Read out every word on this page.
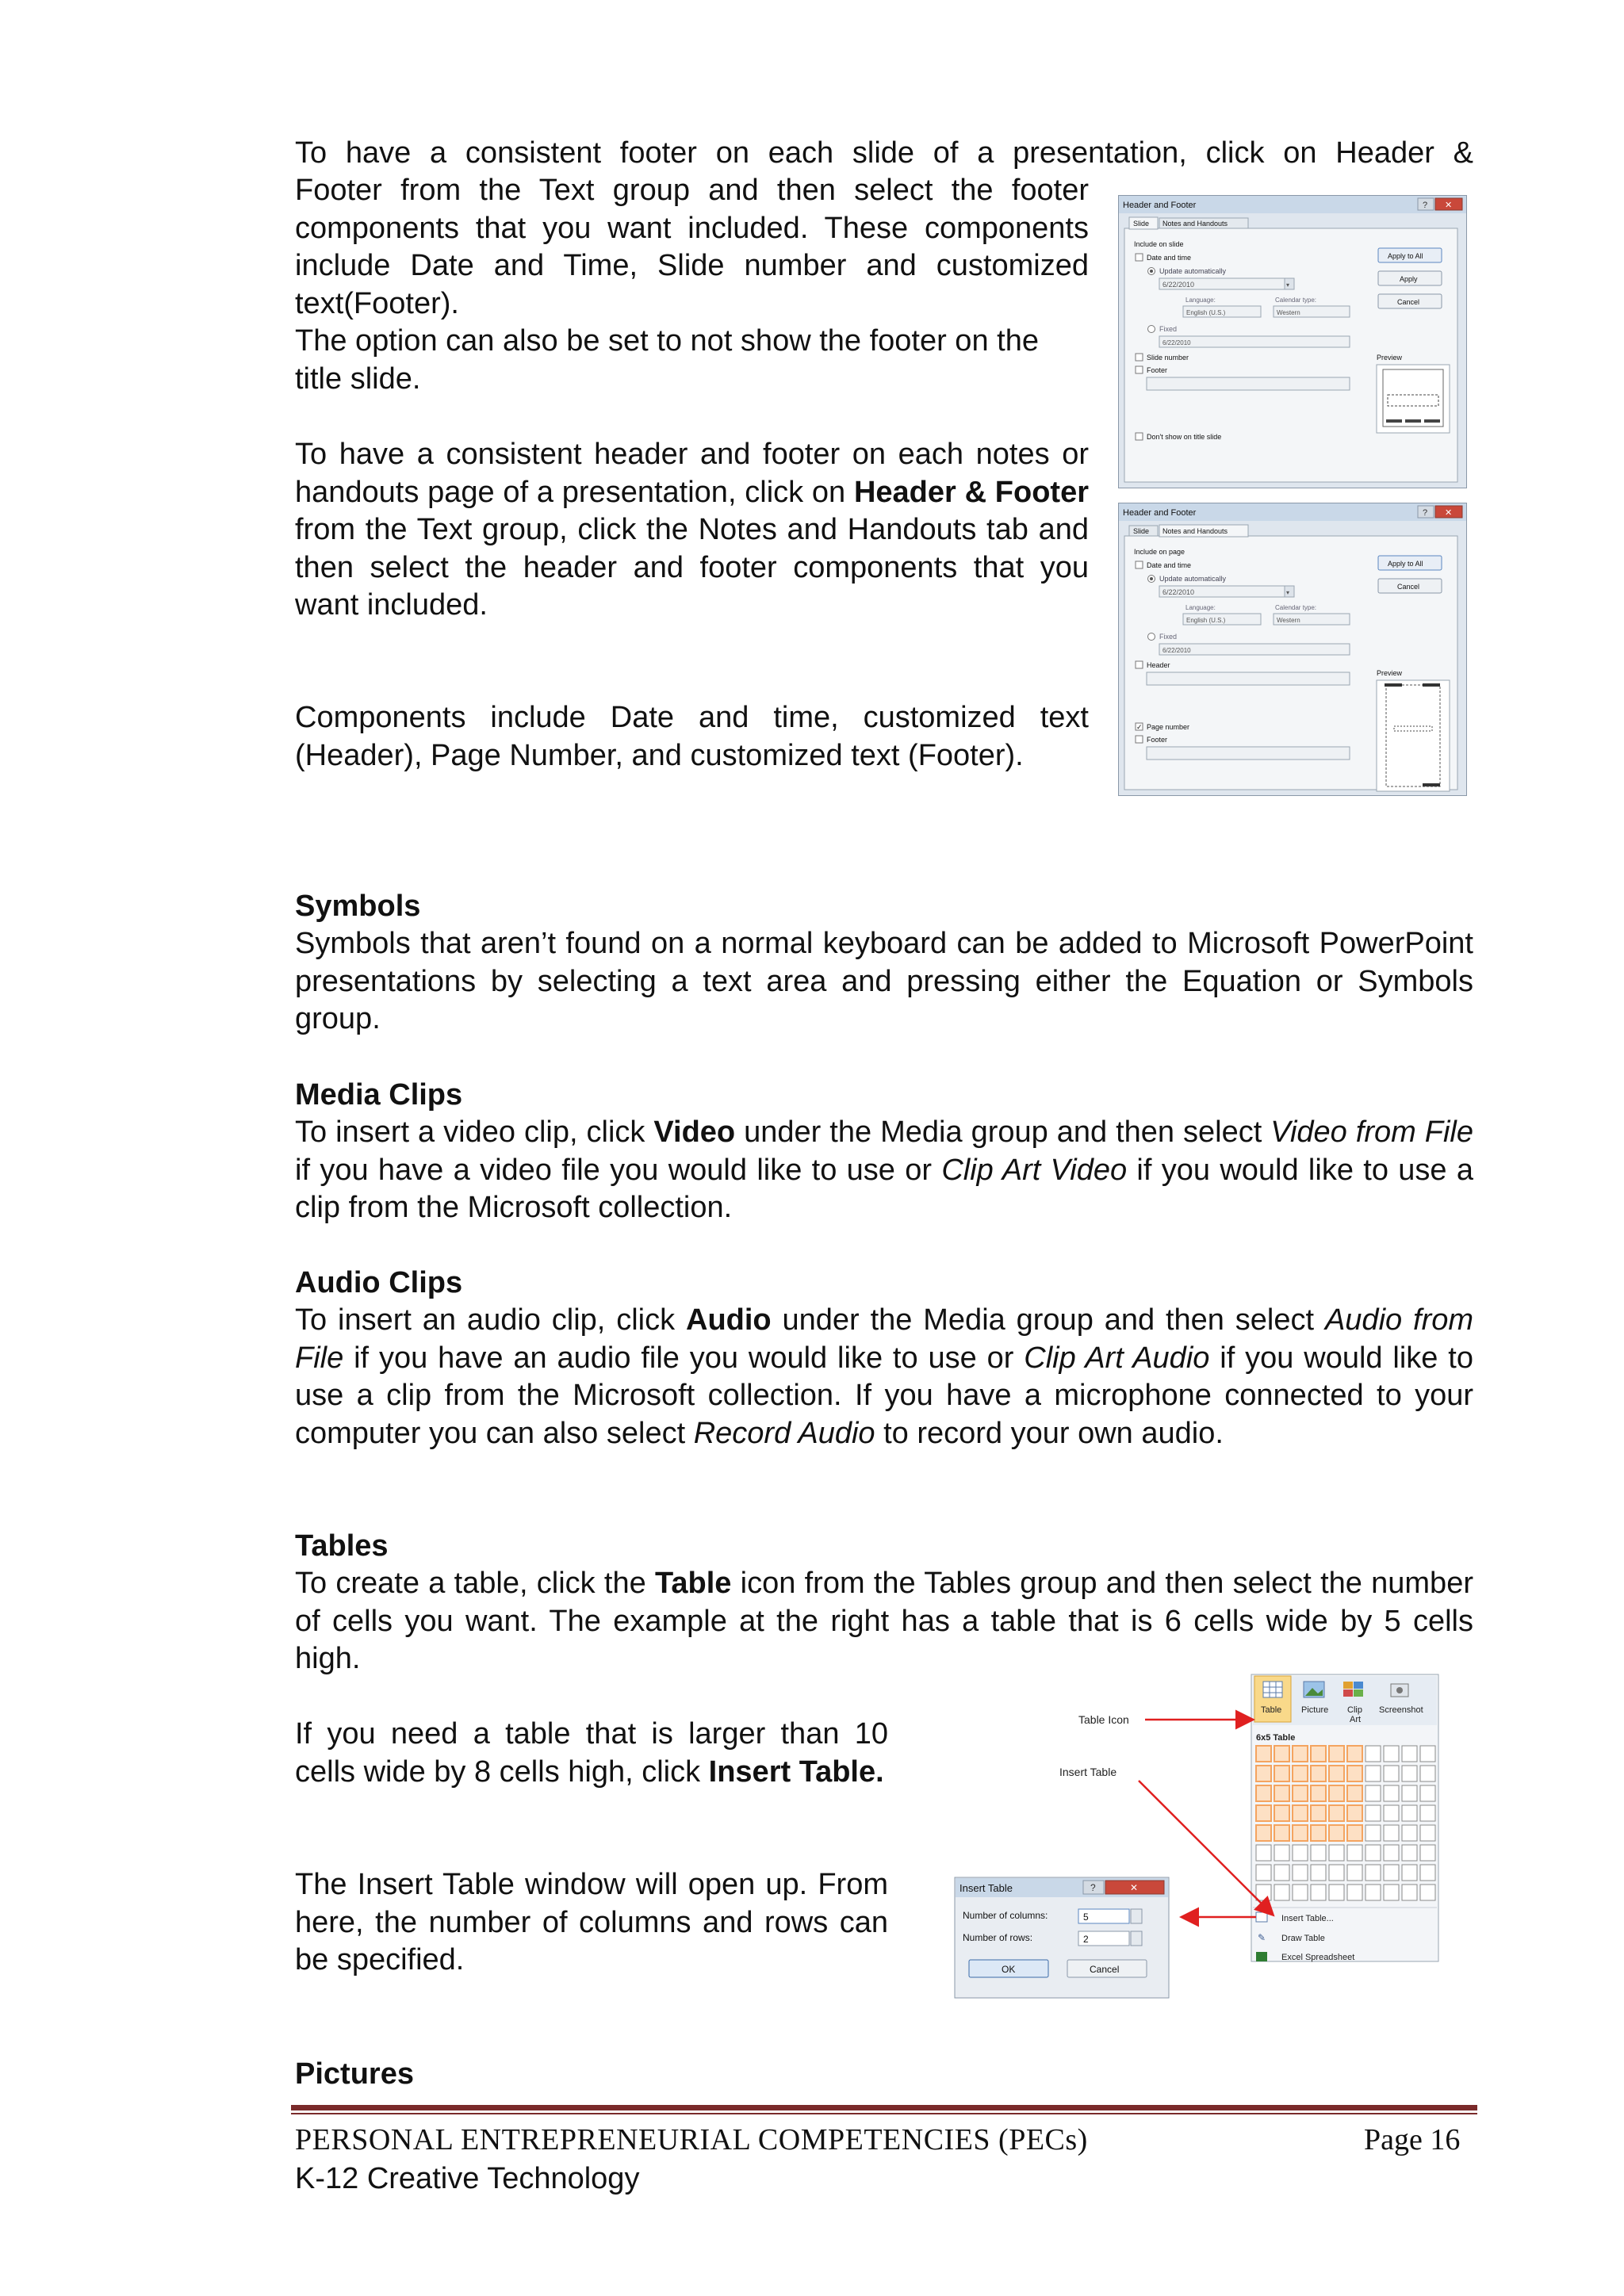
To have a consistent footer on each slide of a presentation, click on Header &

Footer from the Text group and then select the footer components that you want included. These components include Date and Time, Slide number and customized text(Footer).

The option can also be set to not show the footer on the title slide.

To have a consistent header and footer on each notes or handouts page of a presentation, click on Header & Footer from the Text group, click the Notes and Handouts tab and then select the header and footer components that you want included.

Components include Date and time, customized text (Header), Page Number, and customized text (Footer).

Header and Footer	? ✕
Slide Notes and Handouts
Include on slide
Date and time
Update automatically
6/22/2010	▾
Language:	Calendar type:
English (U.S.)	Western
Fixed
6/22/2010
Slide number
Footer
Don't show on title slide
Apply to All
Apply
Cancel
Preview
Header and Footer	? ✕
Slide Notes and Handouts
Include on page
Date and time
Update automatically
6/22/2010	▾
Language:	Calendar type:
English (U.S.)	Western
Fixed
6/22/2010
Header
✓ Page number
Footer
Apply to All
Cancel
Preview

Symbols

Symbols that aren’t found on a normal keyboard can be added to Microsoft PowerPoint presentations by selecting a text area and pressing either the Equation or Symbols group.

Media Clips

To insert a video clip, click Video under the Media group and then select Video from File if you have a video file you would like to use or Clip Art Video if you would like to use a clip from the Microsoft collection.

Audio Clips

To insert an audio clip, click Audio under the Media group and then select Audio from File if you have an audio file you would like to use or Clip Art Audio if you would like to use a clip from the Microsoft collection. If you have a microphone connected to your computer you can also select Record Audio to record your own audio.

Tables

To create a table, click the Table icon from the Tables group and then select the number of cells you want. The example at the right has a table that is 6 cells wide by 5 cells high.

If you need a table that is larger than 10 cells wide by 8 cells high, click Insert Table.

The Insert Table window will open up. From here, the number of columns and rows can be specified.

Table Picture Clip
Art
Screenshot
6x5 Table
Insert Table...
✎ Draw Table
Excel Spreadsheet
Table Icon
Insert Table
Insert Table	?	✕
Number of columns:	5
Number of rows:	2
OK	Cancel

Pictures

PERSONAL ENTREPRENEURIAL COMPETENCIES (PECs)	Page 16
K-12 Creative Technology
